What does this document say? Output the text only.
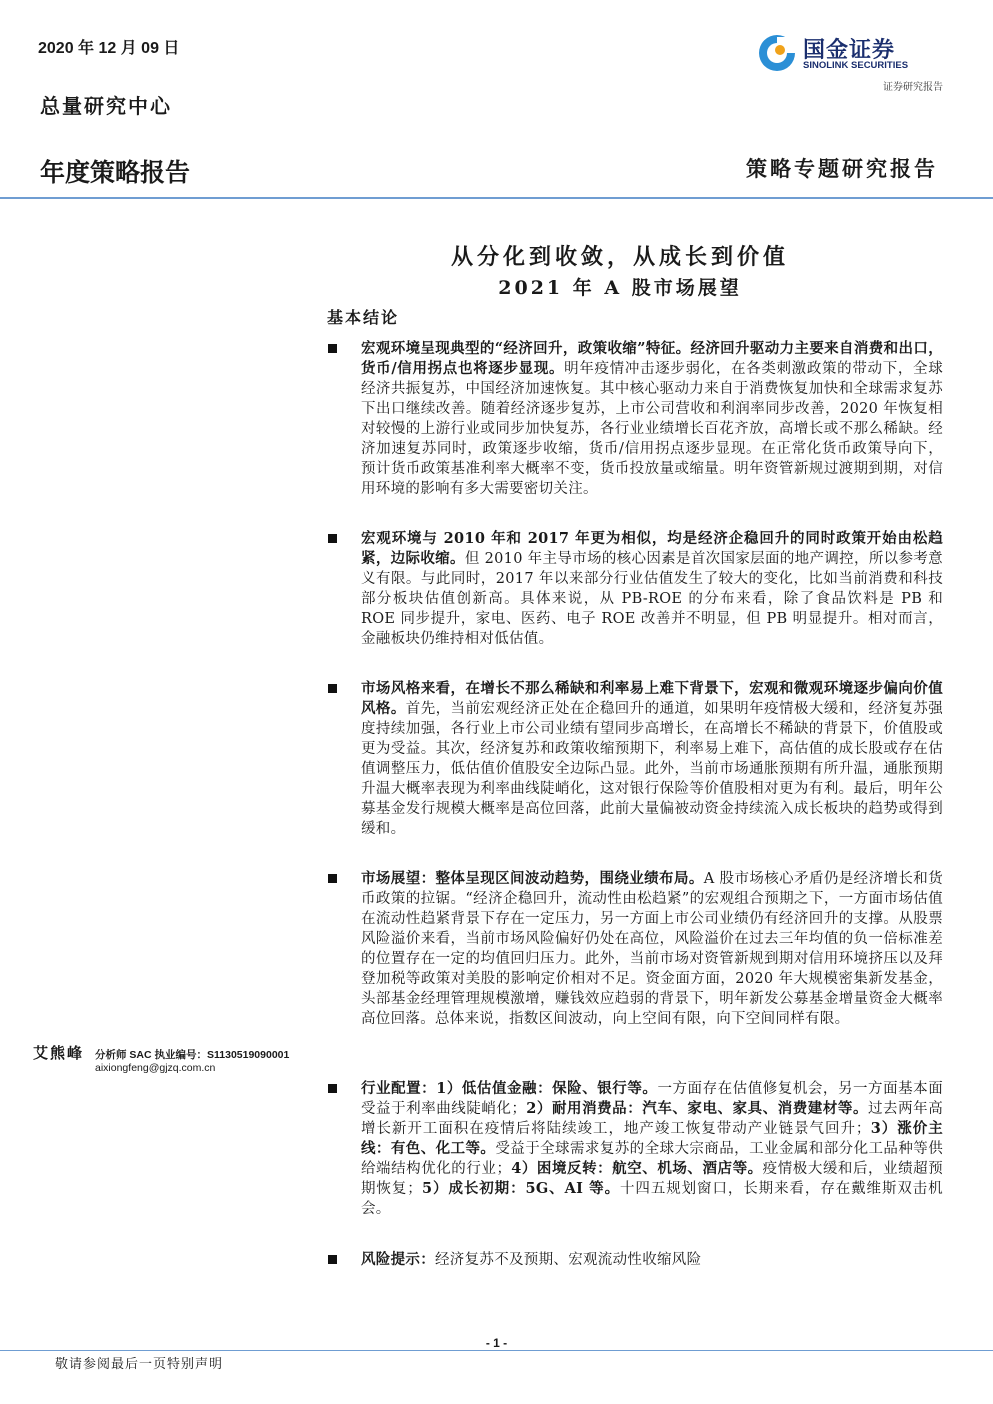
2020 年 12 月 09 日
总量研究中心
年度策略报告	策略专题研究报告
国金证券
SINOLINK SECURITIES
证券研究报告
从分化到收敛，从成长到价值
2021 年 A 股市场展望
基本结论
宏观环境呈现典型的“经济回升，政策收缩”特征。经济回升驱动力主要来自消费和出口，货币/信用拐点也将逐步显现。明年疫情冲击逐步弱化，在各类刺激政策的带动下，全球经济共振复苏，中国经济加速恢复。其中核心驱动力来自于消费恢复加快和全球需求复苏下出口继续改善。随着经济逐步复苏，上市公司营收和利润率同步改善，2020 年恢复相对较慢的上游行业或同步加快复苏，各行业业绩增长百花齐放，高增长或不那么稀缺。经济加速复苏同时，政策逐步收缩，货币/信用拐点逐步显现。在正常化货币政策导向下，预计货币政策基准利率大概率不变，货币投放量或缩量。明年资管新规过渡期到期，对信用环境的影响有多大需要密切关注。
宏观环境与 2010 年和 2017 年更为相似，均是经济企稳回升的同时政策开始由松趋紧，边际收缩。但 2010 年主导市场的核心因素是首次国家层面的地产调控，所以参考意义有限。与此同时，2017 年以来部分行业估值发生了较大的变化，比如当前消费和科技部分板块估值创新高。具体来说，从 PB-ROE 的分布来看，除了食品饮料是 PB 和 ROE 同步提升，家电、医药、电子 ROE 改善并不明显，但 PB 明显提升。相对而言，金融板块仍维持相对低估值。
市场风格来看，在增长不那么稀缺和利率易上难下背景下，宏观和微观环境逐步偏向价值风格。首先，当前宏观经济正处在企稳回升的通道，如果明年疫情极大缓和，经济复苏强度持续加强，各行业上市公司业绩有望同步高增长，在高增长不稀缺的背景下，价值股或更为受益。其次，经济复苏和政策收缩预期下，利率易上难下，高估值的成长股或存在估值调整压力，低估值价值股安全边际凸显。此外，当前市场通胀预期有所升温，通胀预期升温大概率表现为利率曲线陡峭化，这对银行保险等价值股相对更为有利。最后，明年公募基金发行规模大概率是高位回落，此前大量偏被动资金持续流入成长板块的趋势或得到缓和。
市场展望：整体呈现区间波动趋势，围绕业绩布局。A 股市场核心矛盾仍是经济增长和货币政策的拉锯。“经济企稳回升，流动性由松趋紧”的宏观组合预期之下，一方面市场估值在流动性趋紧背景下存在一定压力，另一方面上市公司业绩仍有经济回升的支撑。从股票风险溢价来看，当前市场风险偏好仍处在高位，风险溢价在过去三年均值的负一倍标准差的位置存在一定的均值回归压力。此外，当前市场对资管新规到期对信用环境挤压以及拜登加税等政策对美股的影响定价相对不足。资金面方面，2020 年大规模密集新发基金，头部基金经理管理规模激增，赚钱效应趋弱的背景下，明年新发公募基金增量资金大概率高位回落。总体来说，指数区间波动，向上空间有限，向下空间同样有限。
行业配置：1）低估值金融：保险、银行等。一方面存在估值修复机会，另一方面基本面受益于利率曲线陡峭化；2）耐用消费品：汽车、家电、家具、消费建材等。过去两年高增长新开工面积在疫情后将陆续竣工，地产竣工恢复带动产业链景气回升；3）涨价主线：有色、化工等。受益于全球需求复苏的全球大宗商品，工业金属和部分化工品种等供给端结构优化的行业；4）困境反转：航空、机场、酒店等。疫情极大缓和后，业绩超预期恢复；5）成长初期：5G、AI 等。十四五规划窗口，长期来看，存在戴维斯双击机会。
风险提示：经济复苏不及预期、宏观流动性收缩风险
艾熊峰 分析师 SAC 执业编号：S1130519090001
aixiongfeng@gjzq.com.cn
- 1 -
敬请参阅最后一页特别声明
